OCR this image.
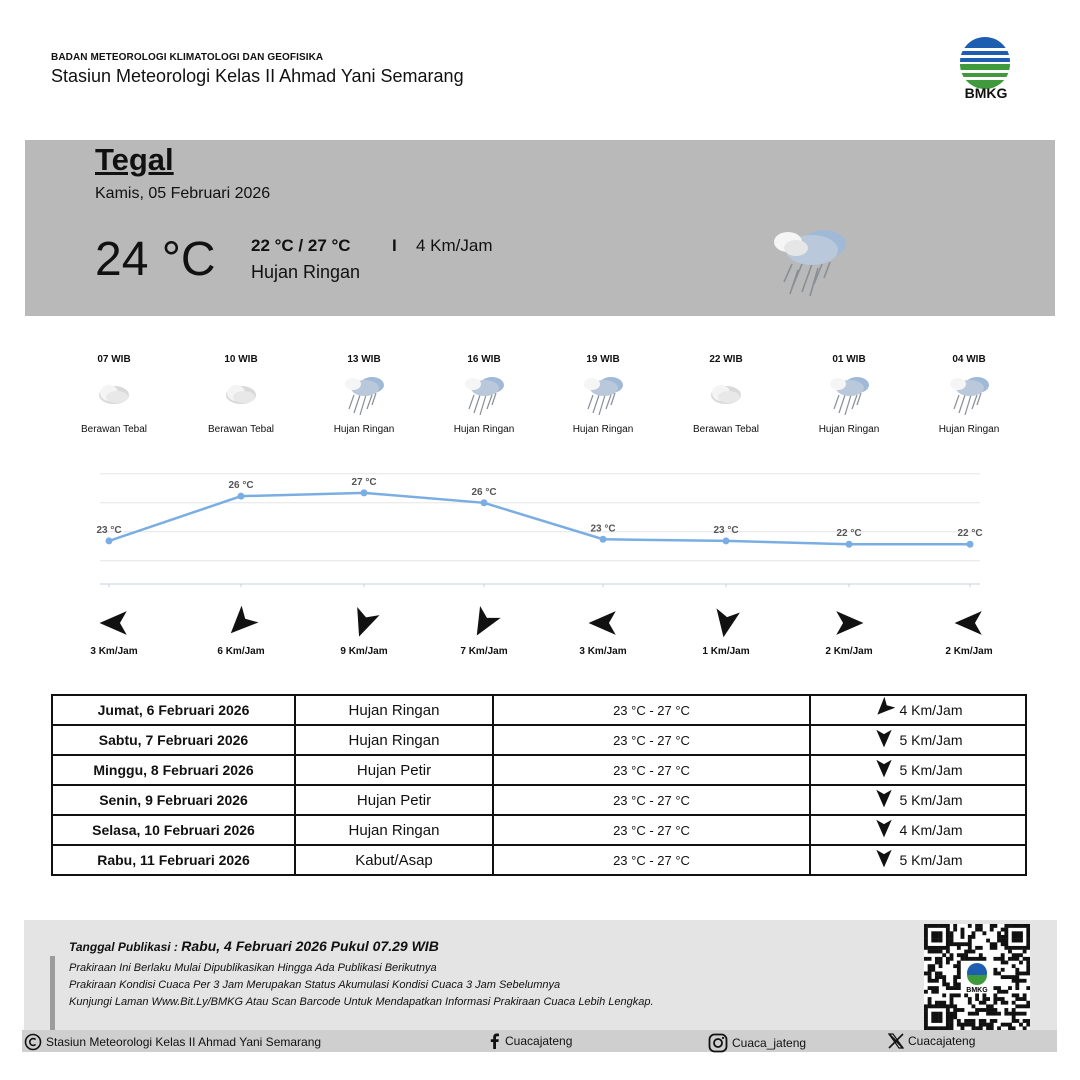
BADAN METEOROLOGI KLIMATOLOGI DAN GEOFISIKA
Stasiun Meteorologi Kelas II Ahmad Yani Semarang
BMKG
Tegal
Kamis, 05 Februari 2026
24 °C 22 °C / 27 °C I 4 Km/Jam
Hujan Ringan
07 WIB
Berawan Tebal
10 WIB
Berawan Tebal
13 WIB
Hujan Ringan
16 WIB
Hujan Ringan
19 WIB
Hujan Ringan
22 WIB
Berawan Tebal
01 WIB
Hujan Ringan
04 WIB
Hujan Ringan
23 °C
26 °C	27 °C
26 °C
23 °C	23 °C	22 °C	22 °C
3 Km/Jam	6 Km/Jam	9 Km/Jam	7 Km/Jam	3 Km/Jam	1 Km/Jam	2 Km/Jam	2 Km/Jam
Jumat, 6 Februari 2026	Hujan Ringan	23 °C - 27 °C	4 Km/Jam

Sabtu, 7 Februari 2026	Hujan Ringan	23 °C - 27 °C	5 Km/Jam

Minggu, 8 Februari 2026	Hujan Petir	23 °C - 27 °C	5 Km/Jam

Senin, 9 Februari 2026	Hujan Petir	23 °C - 27 °C	5 Km/Jam

Selasa, 10 Februari 2026	Hujan Ringan	23 °C - 27 °C	4 Km/Jam

Rabu, 11 Februari 2026	Kabut/Asap	23 °C - 27 °C	5 Km/Jam
Tanggal Publikasi : Rabu, 4 Februari 2026 Pukul 07.29 WIB
Prakiraan Ini Berlaku Mulai Dipublikasikan Hingga Ada Publikasi Berikutnya
Prakiraan Kondisi Cuaca Per 3 Jam Merupakan Status Akumulasi Kondisi Cuaca 3 Jam Sebelumnya
Kunjungi Laman Www.Bit.Ly/BMKG Atau Scan Barcode Untuk Mendapatkan Informasi Prakiraan Cuaca Lebih Lengkap.
BMKG
Stasiun Meteorologi Kelas II Ahmad Yani Semarang	Cuacajateng	Cuaca_jateng	Cuacajateng
